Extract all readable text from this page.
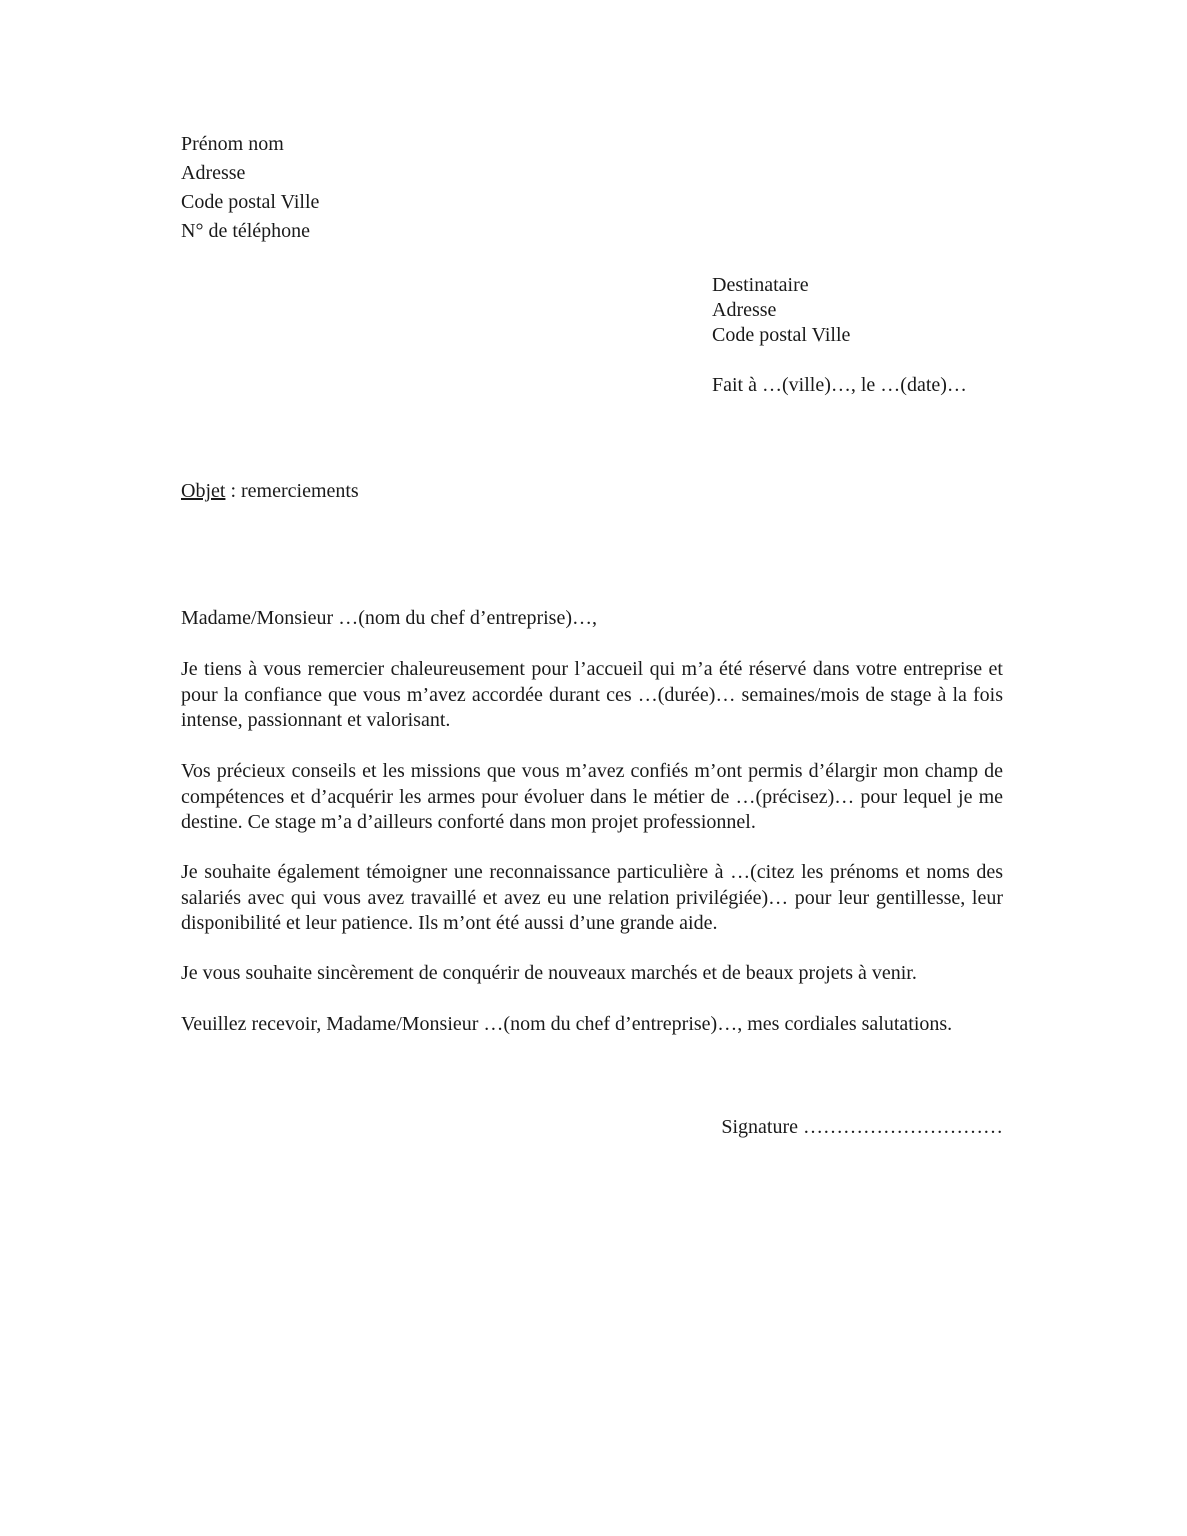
Prénom nom
Adresse
Code postal Ville
N° de téléphone
Destinataire
Adresse
Code postal Ville
Fait à …(ville)…, le …(date)…
Objet : remerciements
Madame/Monsieur …(nom du chef d’entreprise)…,
Je tiens à vous remercier chaleureusement pour l’accueil qui m’a été réservé dans votre entreprise et pour la confiance que vous m’avez accordée durant ces …(durée)… semaines/mois de stage à la fois intense, passionnant et valorisant.
Vos précieux conseils et les missions que vous m’avez confiés m’ont permis d’élargir mon champ de compétences et d’acquérir les armes pour évoluer dans le métier de …(précisez)… pour lequel je me destine. Ce stage m’a d’ailleurs conforté dans mon projet professionnel.
Je souhaite également témoigner une reconnaissance particulière à …(citez les prénoms et noms des salariés avec qui vous avez travaillé et avez eu une relation privilégiée)… pour leur gentillesse, leur disponibilité et leur patience. Ils m’ont été aussi d’une grande aide.
Je vous souhaite sincèrement de conquérir de nouveaux marchés et de beaux projets à venir.
Veuillez recevoir, Madame/Monsieur …(nom du chef d’entreprise)…, mes cordiales salutations.
Signature …………………………
